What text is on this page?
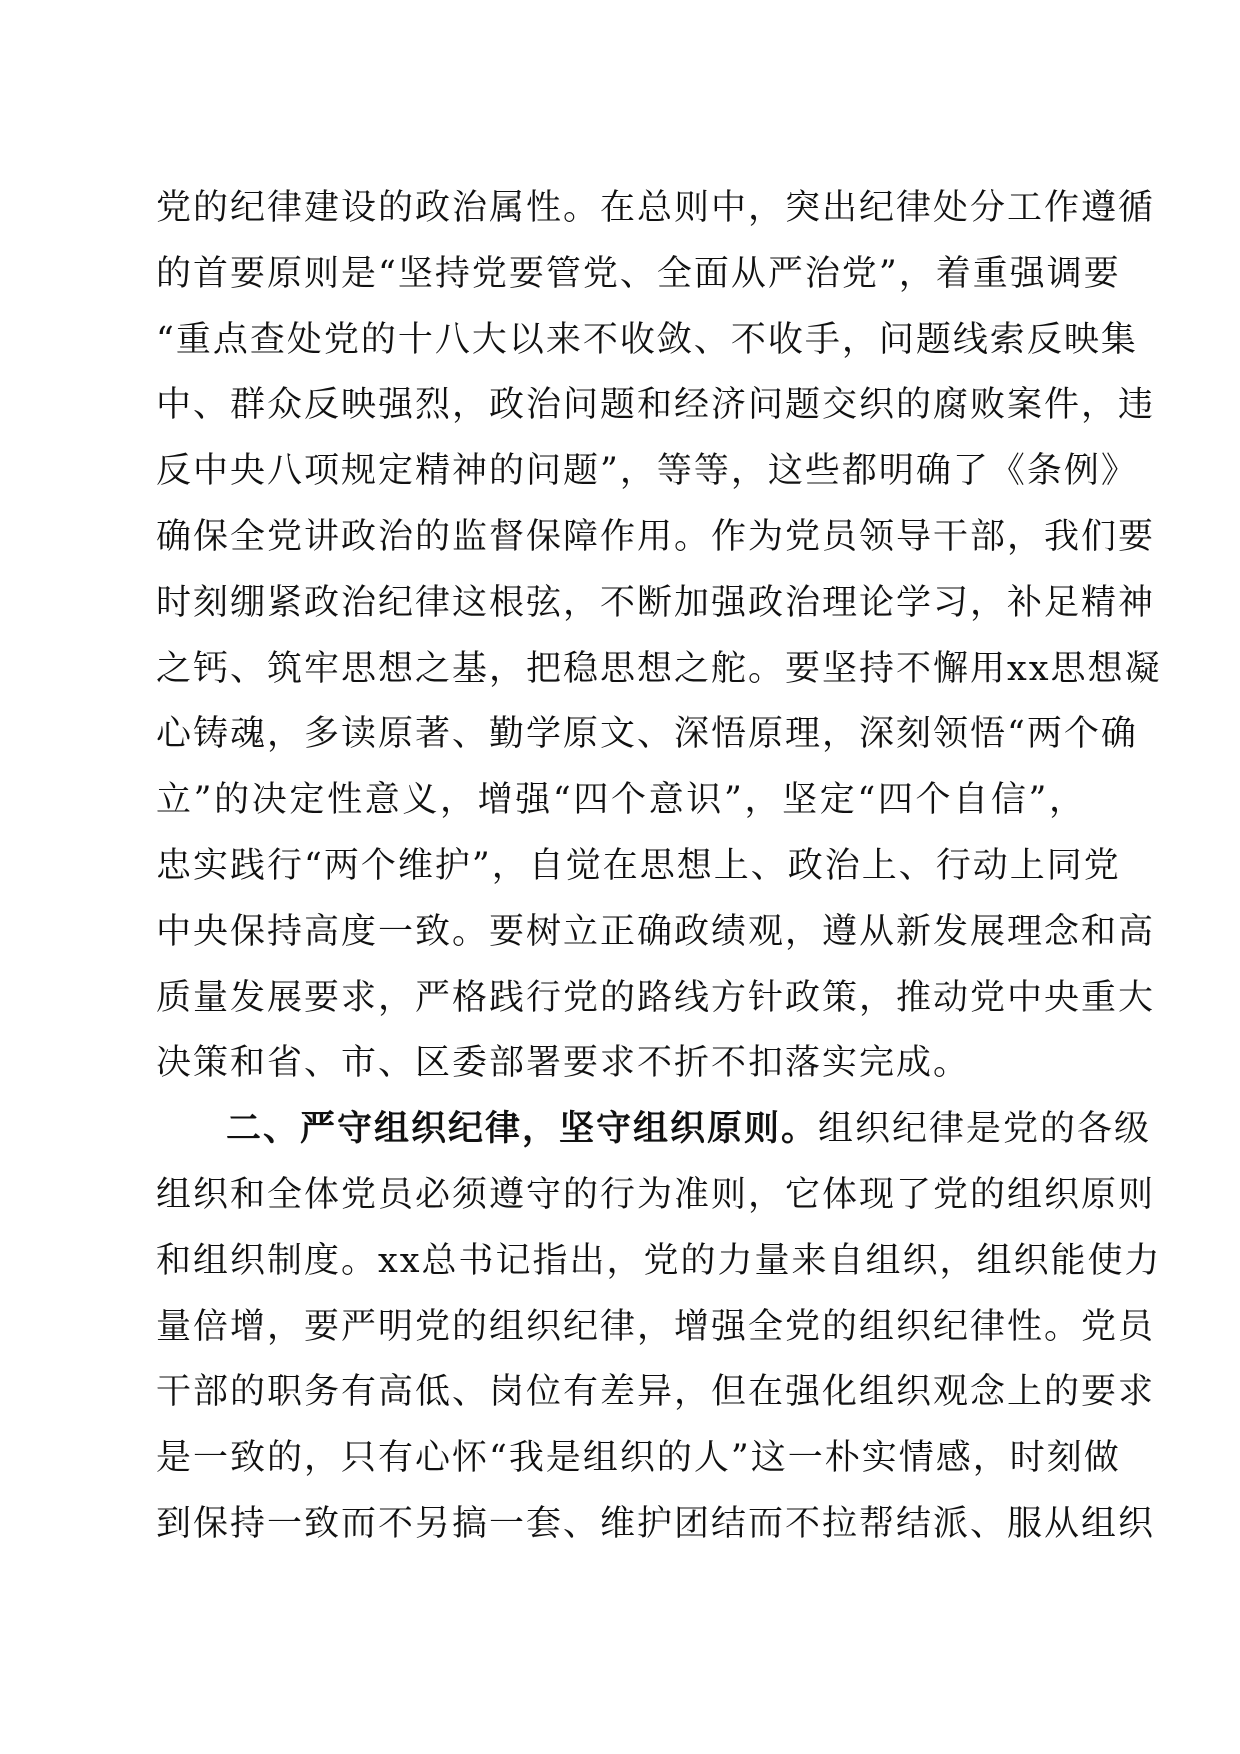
党的纪律建设的政治属性。在总则中，突出纪律处分工作遵循
的首要原则是“坚持党要管党、全面从严治党”，着重强调要
“重点查处党的十八大以来不收敛、不收手，问题线索反映集
中、群众反映强烈，政治问题和经济问题交织的腐败案件，违
反中央八项规定精神的问题”，等等，这些都明确了《条例》
确保全党讲政治的监督保障作用。作为党员领导干部，我们要
时刻绷紧政治纪律这根弦，不断加强政治理论学习，补足精神
之钙、筑牢思想之基，把稳思想之舵。要坚持不懈用xx思想凝
心铸魂，多读原著、勤学原文、深悟原理，深刻领悟“两个确
立”的决定性意义，增强“四个意识”，坚定“四个自信”，
忠实践行“两个维护”，自觉在思想上、政治上、行动上同党
中央保持高度一致。要树立正确政绩观，遵从新发展理念和高
质量发展要求，严格践行党的路线方针政策，推动党中央重大
决策和省、市、区委部署要求不折不扣落实完成。
二、严守组织纪律，坚守组织原则。组织纪律是党的各级
组织和全体党员必须遵守的行为准则，它体现了党的组织原则
和组织制度。xx总书记指出，党的力量来自组织，组织能使力
量倍增，要严明党的组织纪律，增强全党的组织纪律性。党员
干部的职务有高低、岗位有差异，但在强化组织观念上的要求
是一致的，只有心怀“我是组织的人”这一朴实情感，时刻做
到保持一致而不另搞一套、维护团结而不拉帮结派、服从组织
